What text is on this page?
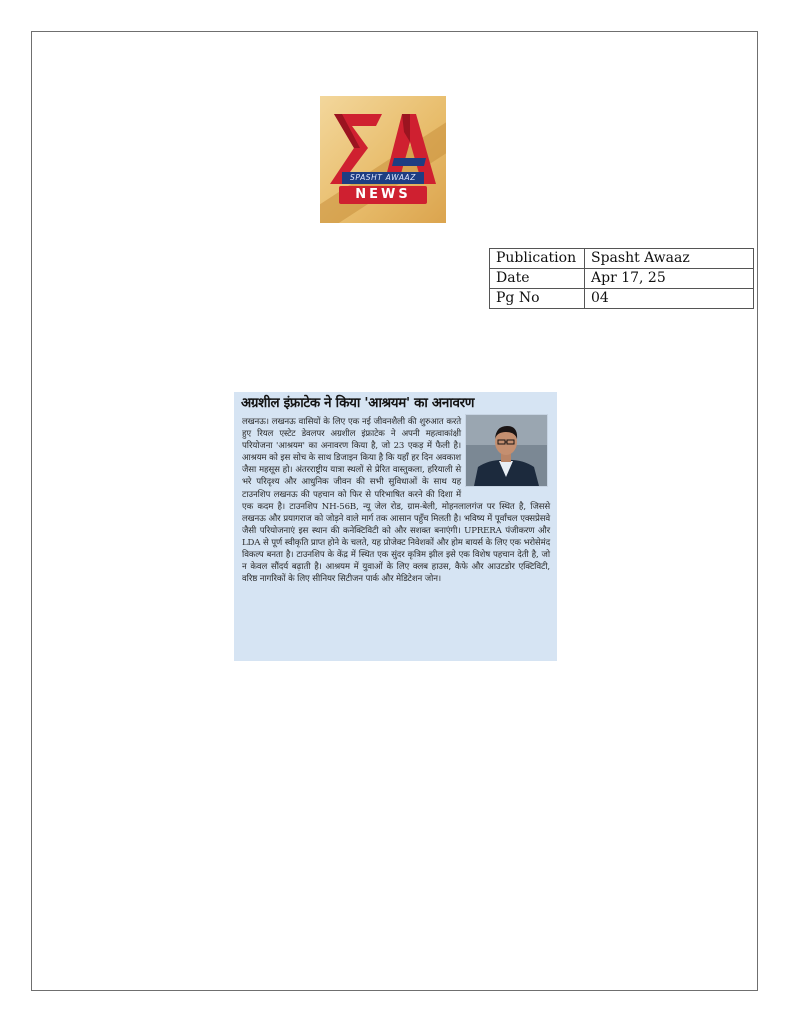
SPASHT AWAAZ
NEWS
Publication	Spasht Awaaz
Date	Apr 17, 25
Pg No	04
अग्रशील इंफ्राटेक ने किया 'आश्रयम' का अनावरण

लखनऊ। लखनऊ वासियों के लिए एक नई जीवनशैली की शुरुआत करते हुए रियल एस्टेट डेवलपर अग्रशील इंफ्राटेक ने अपनी महत्वाकांक्षी परियोजना 'आश्रयम' का अनावरण किया है, जो 23 एकड़ में फैली है। आश्रयम को इस सोच के साथ डिजाइन किया है कि यहाँ हर दिन अवकाश जैसा महसूस हो। अंतरराष्ट्रीय यात्रा स्थलों से प्रेरित वास्तुकला, हरियाली से भरे परिदृश्य और आधुनिक जीवन की सभी सुविधाओं के साथ यह टाउनशिप लखनऊ की पहचान को फिर से परिभाषित करने की दिशा में एक कदम है। टाउनशिप NH-56B, न्यू जेल रोड, ग्राम-बेली, मोहनलालगंज पर स्थित है, जिससे लखनऊ और प्रयागराज को जोड़ने वाले मार्ग तक आसान पहुँच मिलती है। भविष्य में पूर्वांचल एक्सप्रेसवे जैसी परियोजनाएं इस स्थान की कनेक्टिविटी को और सशक्त बनाएंगी। UPRERA पंजीकरण और LDA से पूर्ण स्वीकृति प्राप्त होने के चलते, यह प्रोजेक्ट निवेशकों और होम बायर्स के लिए एक भरोसेमंद विकल्प बनता है। टाउनशिप के केंद्र में स्थित एक सुंदर कृत्रिम झील इसे एक विशेष पहचान देती है, जो न केवल सौंदर्य बढ़ाती है। आश्रयम में युवाओं के लिए क्लब हाउस, कैफे और आउटडोर एक्टिविटी, वरिष्ठ नागरिकों के लिए सीनियर सिटीजन पार्क और मेडिटेशन जोन।
